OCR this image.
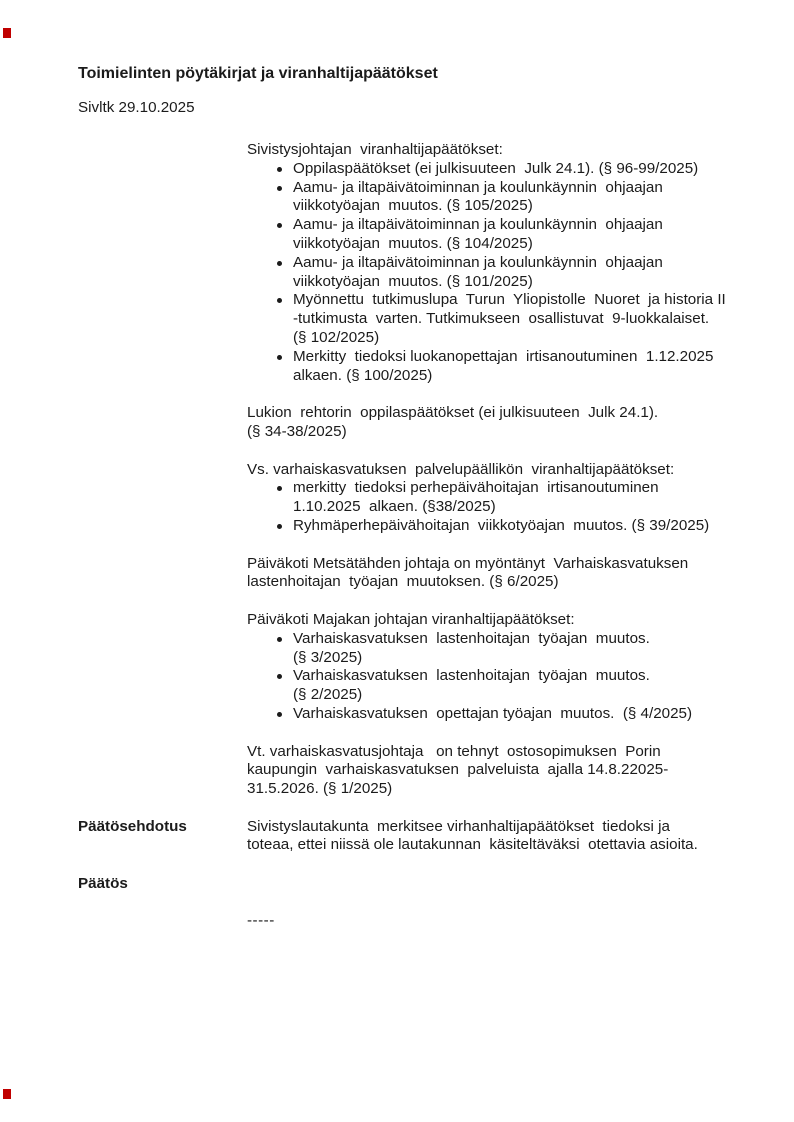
Toimielinten pöytäkirjat ja viranhaltijapäätökset
Sivltk 29.10.2025
Sivistysjohtajan  viranhaltijapäätökset:
Oppilaspäätökset (ei julkisuuteen  Julk 24.1). (§ 96-99/2025)
Aamu- ja iltapäivätoiminnan ja koulunkäynnin  ohjaajan
viikkotyöajan  muutos. (§ 105/2025)
Aamu- ja iltapäivätoiminnan ja koulunkäynnin  ohjaajan
viikkotyöajan  muutos. (§ 104/2025)
Aamu- ja iltapäivätoiminnan ja koulunkäynnin  ohjaajan
viikkotyöajan  muutos. (§ 101/2025)
Myönnettu  tutkimuslupa  Turun  Yliopistolle  Nuoret  ja historia II
-tutkimusta  varten. Tutkimukseen  osallistuvat  9-luokkalaiset.
(§ 102/2025)
Merkitty  tiedoksi luokanopettajan  irtisanoutuminen  1.12.2025
alkaen. (§ 100/2025)
Lukion  rehtorin  oppilaspäätökset (ei julkisuuteen  Julk 24.1).
(§ 34-38/2025)
Vs. varhaiskasvatuksen  palvelupäällikön  viranhaltijapäätökset:
merkitty  tiedoksi perhepäivähoitajan  irtisanoutuminen
1.10.2025  alkaen. (§38/2025)
Ryhmäperhepäivähoitajan  viikkotyöajan  muutos. (§ 39/2025)
Päiväkoti Metsätähden johtaja on myöntänyt  Varhaiskasvatuksen
lastenhoitajan  työajan  muutoksen. (§ 6/2025)
Päiväkoti Majakan johtajan viranhaltijapäätökset:
Varhaiskasvatuksen  lastenhoitajan  työajan  muutos.
(§ 3/2025)
Varhaiskasvatuksen  lastenhoitajan  työajan  muutos.
(§ 2/2025)
Varhaiskasvatuksen  opettajan työajan  muutos.  (§ 4/2025)
Vt. varhaiskasvatusjohtaja   on tehnyt  ostosopimuksen  Porin
kaupungin  varhaiskasvatuksen  palveluista  ajalla 14.8.22025-
31.5.2026. (§ 1/2025)
Sivistyslautakunta  merkitsee virhanhaltijapäätökset  tiedoksi ja
toteaa, ettei niissä ole lautakunnan  käsiteltäväksi  otettavia asioita.
-----
Päätösehdotus
Päätös
